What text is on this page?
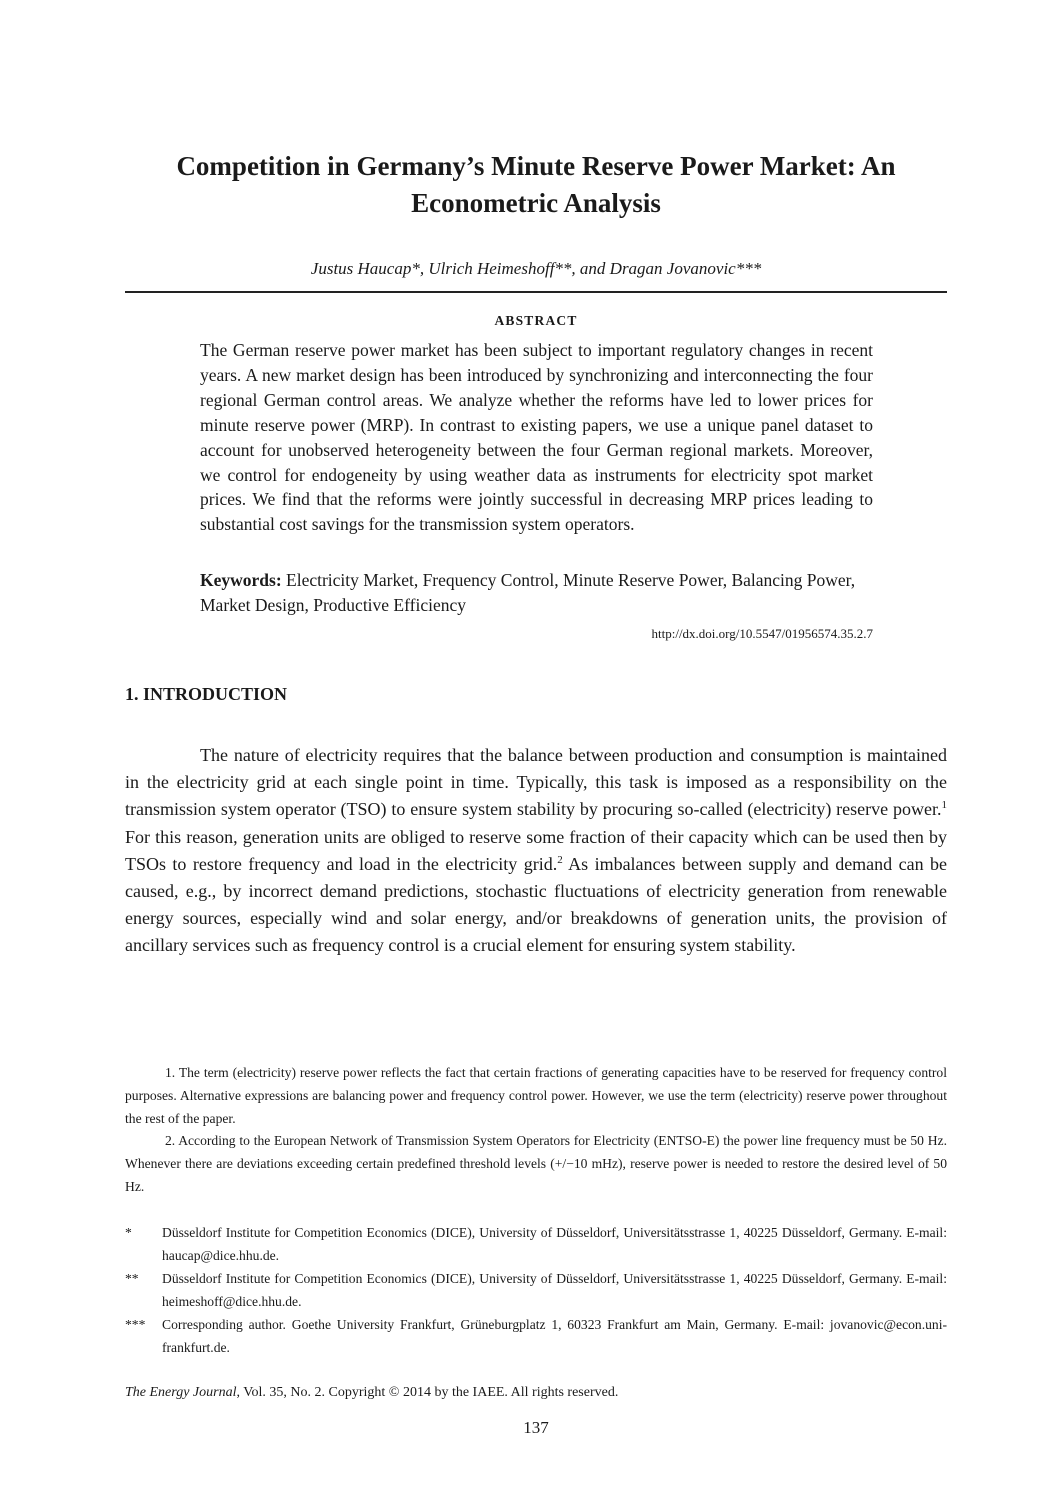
Competition in Germany’s Minute Reserve Power Market: An
Econometric Analysis
Justus Haucap*, Ulrich Heimeshoff**, and Dragan Jovanovic***
ABSTRACT

The German reserve power market has been subject to important regulatory changes in recent years. A new market design has been introduced by synchronizing and interconnecting the four regional German control areas. We analyze whether the reforms have led to lower prices for minute reserve power (MRP). In contrast to existing papers, we use a unique panel dataset to account for unobserved heterogeneity between the four German regional markets. Moreover, we control for endogeneity by using weather data as instruments for electricity spot market prices. We find that the reforms were jointly successful in decreasing MRP prices leading to substantial cost savings for the transmission system operators.

Keywords: Electricity Market, Frequency Control, Minute Reserve Power, Balancing Power, Market Design, Productive Efficiency

http://dx.doi.org/10.5547/01956574.35.2.7
1. INTRODUCTION

The nature of electricity requires that the balance between production and consumption is maintained in the electricity grid at each single point in time. Typically, this task is imposed as a responsibility on the transmission system operator (TSO) to ensure system stability by procuring so-called (electricity) reserve power.$^1$ For this reason, generation units are obliged to reserve some fraction of their capacity which can be used then by TSOs to restore frequency and load in the electricity grid.$^2$ As imbalances between supply and demand can be caused, e.g., by incorrect demand predictions, stochastic fluctuations of electricity generation from renewable energy sources, especially wind and solar energy, and/or breakdowns of generation units, the provision of ancillary services such as frequency control is a crucial element for ensuring system stability.

1. The term (electricity) reserve power reflects the fact that certain fractions of generating capacities have to be reserved for frequency control purposes. Alternative expressions are balancing power and frequency control power. However, we use the term (electricity) reserve power throughout the rest of the paper.

2. According to the European Network of Transmission System Operators for Electricity (ENTSO-E) the power line frequency must be 50 Hz. Whenever there are deviations exceeding certain predefined threshold levels (+/−10 mHz), reserve power is needed to restore the desired level of 50 Hz.

*	Düsseldorf Institute for Competition Economics (DICE), University of Düsseldorf, Universitätsstrasse 1, 40225 Düsseldorf, Germany. E-mail: haucap@dice.hhu.de.
**	Düsseldorf Institute for Competition Economics (DICE), University of Düsseldorf, Universitätsstrasse 1, 40225 Düsseldorf, Germany. E-mail: heimeshoff@dice.hhu.de.
***	Corresponding author. Goethe University Frankfurt, Grüneburgplatz 1, 60323 Frankfurt am Main, Germany. E-mail: jovanovic@econ.uni-frankfurt.de.
The Energy Journal, Vol. 35, No. 2. Copyright © 2014 by the IAEE. All rights reserved.
137
